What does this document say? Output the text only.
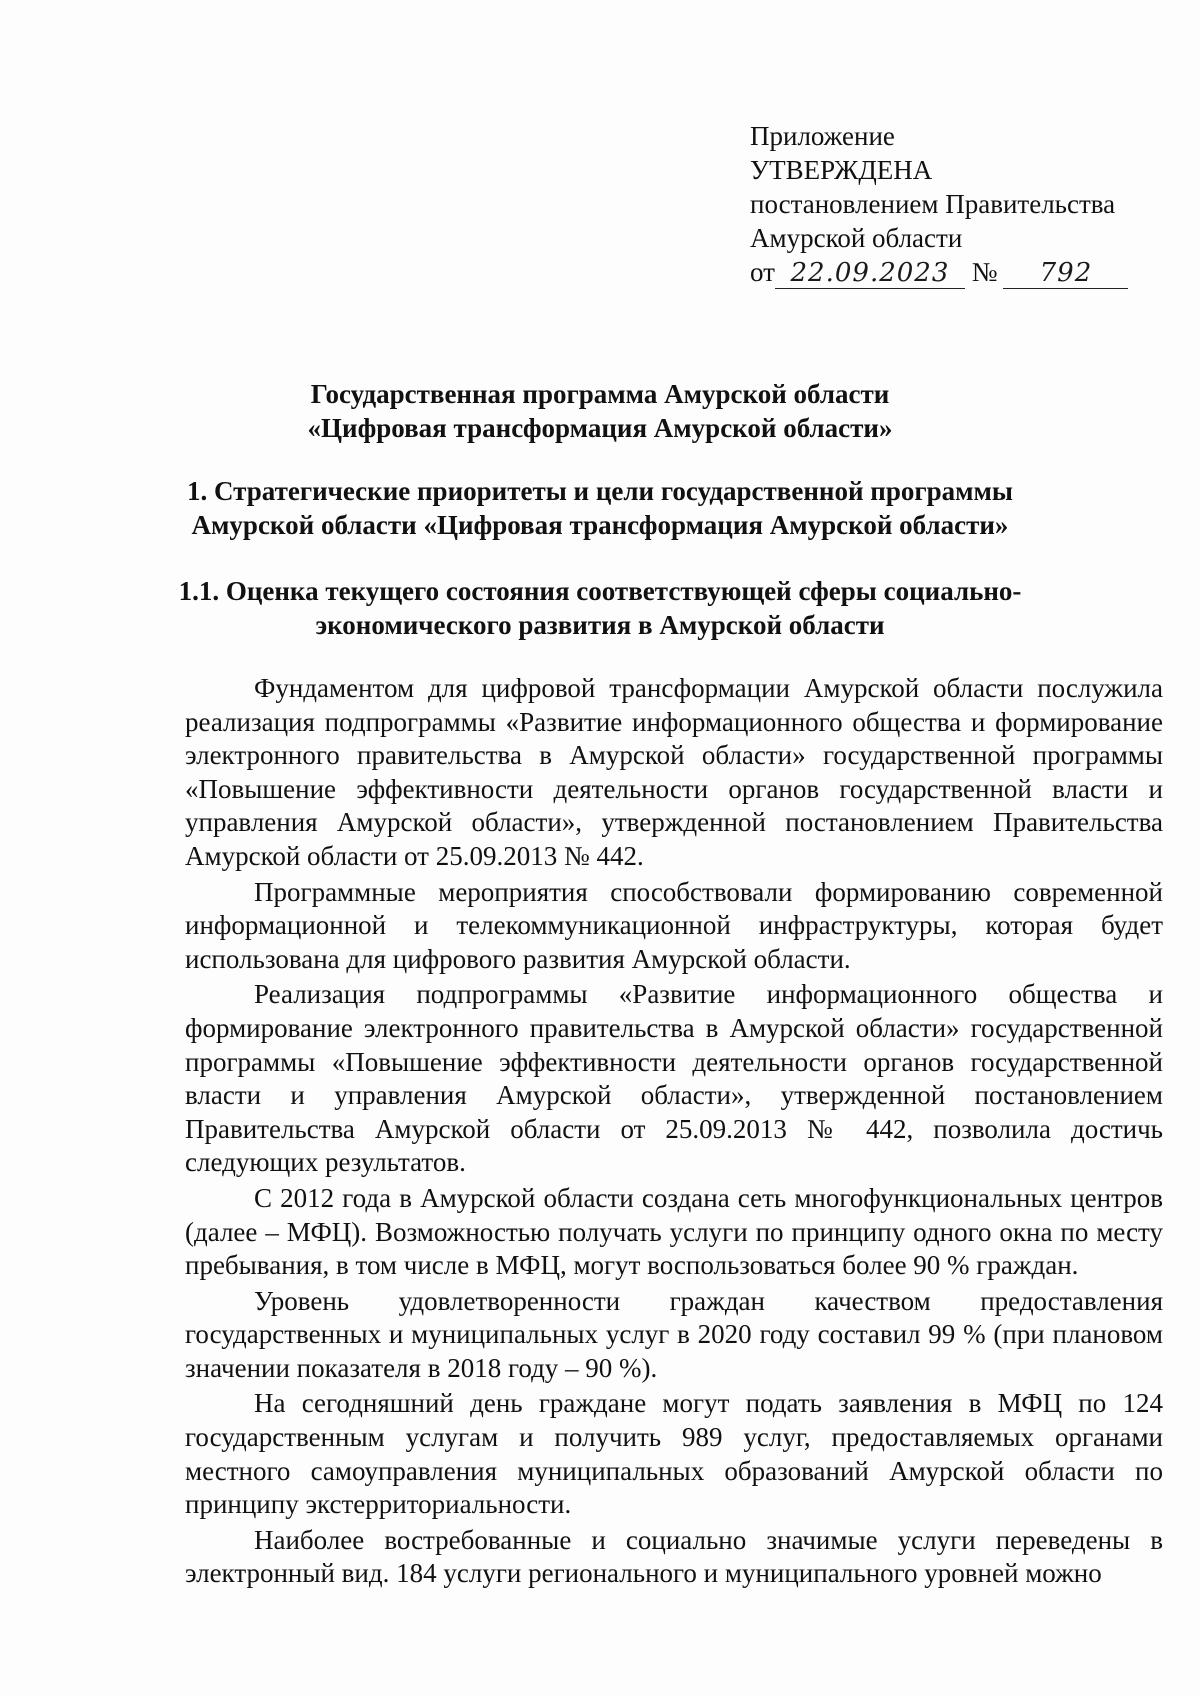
Приложение
УТВЕРЖДЕНА
постановлением Правительства
Амурской области
от 22.09.2023 № 792
Государственная программа Амурской области
«Цифровая трансформация Амурской области»
1. Стратегические приоритеты и цели государственной программы
Амурской области «Цифровая трансформация Амурской области»
1.1. Оценка текущего состояния соответствующей сферы социально-
экономического развития в Амурской области

Фундаментом для цифровой трансформации Амурской области послужила реализация подпрограммы «Развитие информационного общества и формирование электронного правительства в Амурской области» государственной программы «Повышение эффективности деятельности органов государственной власти и управления Амурской области», утвержденной постановлением Правительства Амурской области от 25.09.2013 № 442.

Программные мероприятия способствовали формированию современной информационной и телекоммуникационной инфраструктуры, которая будет использована для цифрового развития Амурской области.

Реализация подпрограммы «Развитие информационного общества и формирование электронного правительства в Амурской области» государственной программы «Повышение эффективности деятельности органов государственной власти и управления Амурской области», утвержденной постановлением Правительства Амурской области от 25.09.2013 № 442, позволила достичь следующих результатов.

С 2012 года в Амурской области создана сеть многофункциональных центров (далее – МФЦ). Возможностью получать услуги по принципу одного окна по месту пребывания, в том числе в МФЦ, могут воспользоваться более 90 % граждан.

Уровень удовлетворенности граждан качеством предоставления государственных и муниципальных услуг в 2020 году составил 99 % (при плановом значении показателя в 2018 году – 90 %).

На сегодняшний день граждане могут подать заявления в МФЦ по 124 государственным услугам и получить 989 услуг, предоставляемых органами местного самоуправления муниципальных образований Амурской области по принципу экстерриториальности.

Наиболее востребованные и социально значимые услуги переведены в электронный вид. 184 услуги регионального и муниципального уровней можно
